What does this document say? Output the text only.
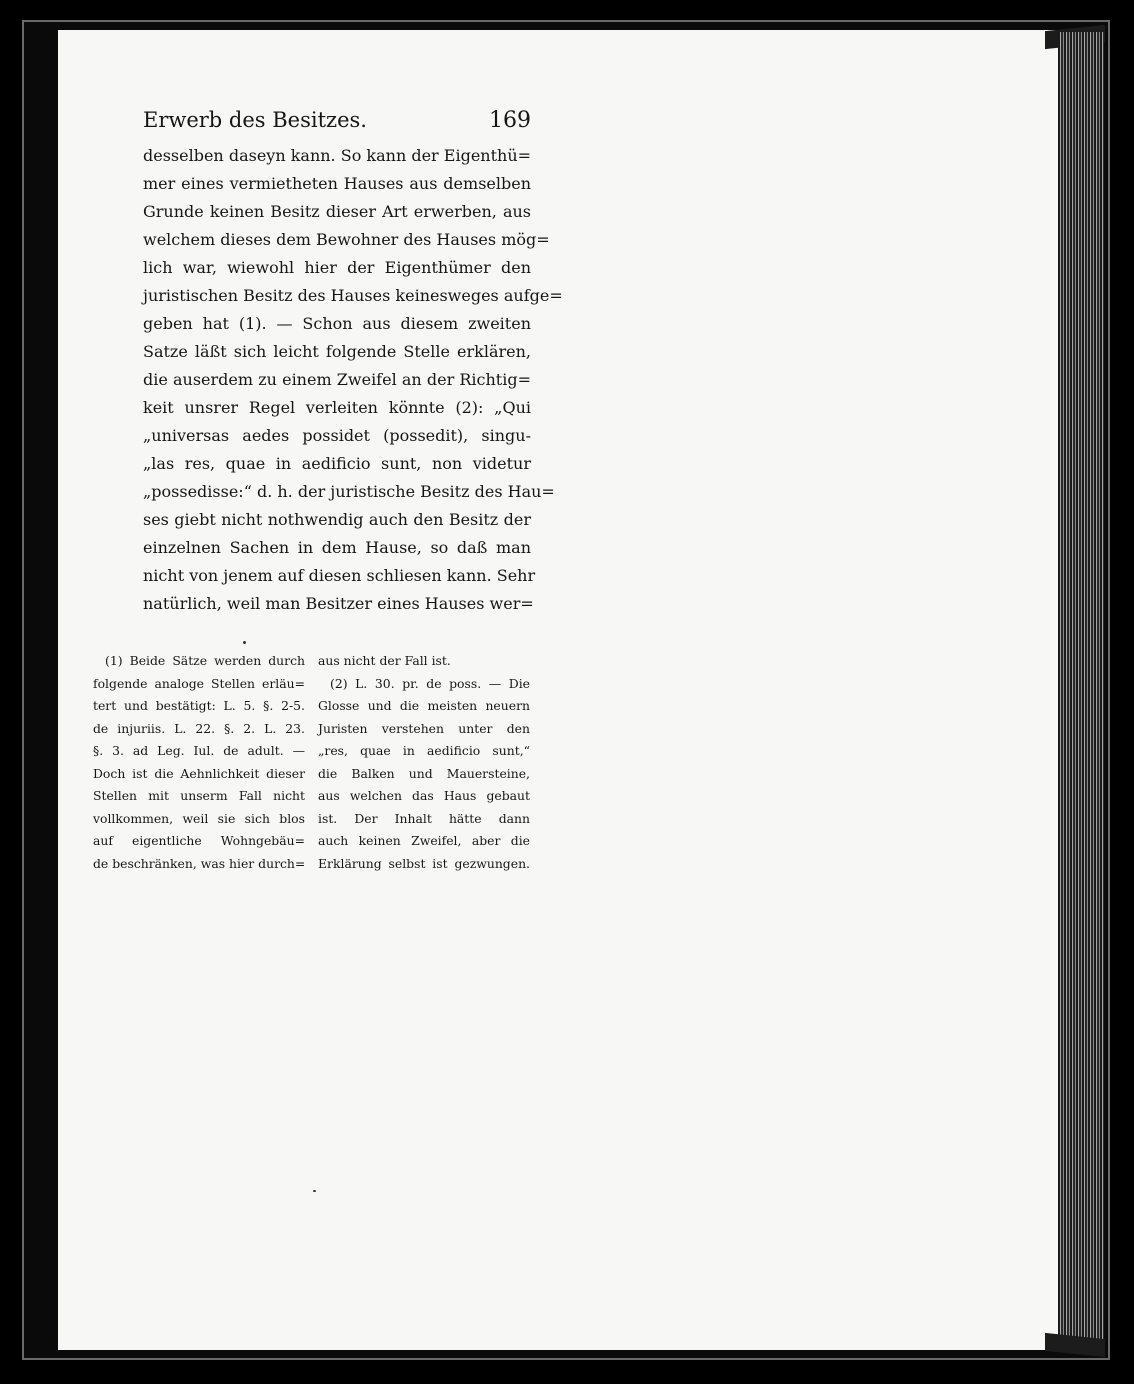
Erwerb des Besitzes.	169
desselben daseyn kann. So kann der Eigenthü=
mer eines vermietheten Hauses aus demselben
Grunde keinen Besitz dieser Art erwerben, aus
welchem dieses dem Bewohner des Hauses mög=
lich war, wiewohl hier der Eigenthümer den
juristischen Besitz des Hauses keinesweges aufge=
geben hat (1). — Schon aus diesem zweiten
Satze läßt sich leicht folgende Stelle erklären,
die auserdem zu einem Zweifel an der Richtig=
keit unsrer Regel verleiten könnte (2): „Qui
„universas aedes possidet (possedit), singu-
„las res, quae in aedificio sunt, non videtur
„possedisse:“ d. h. der juristische Besitz des Hau=
ses giebt nicht nothwendig auch den Besitz der
einzelnen Sachen in dem Hause, so daß man
nicht von jenem auf diesen schliesen kann. Sehr
natürlich, weil man Besitzer eines Hauses wer=
(1) Beide Sätze werden durch
folgende analoge Stellen erläu=
tert und bestätigt: L. 5. §. 2-5.
de injuriis. L. 22. §. 2. L. 23.
§. 3. ad Leg. Iul. de adult. —
Doch ist die Aehnlichkeit dieser
Stellen mit unserm Fall nicht
vollkommen, weil sie sich blos
auf eigentliche Wohngebäu=
de beschränken, was hier durch=
aus nicht der Fall ist.
(2) L. 30. pr. de poss. — Die
Glosse und die meisten neuern
Juristen verstehen unter den
„res, quae in aedificio sunt,“
die Balken und Mauersteine,
aus welchen das Haus gebaut
ist. Der Inhalt hätte dann
auch keinen Zweifel, aber die
Erklärung selbst ist gezwungen.
